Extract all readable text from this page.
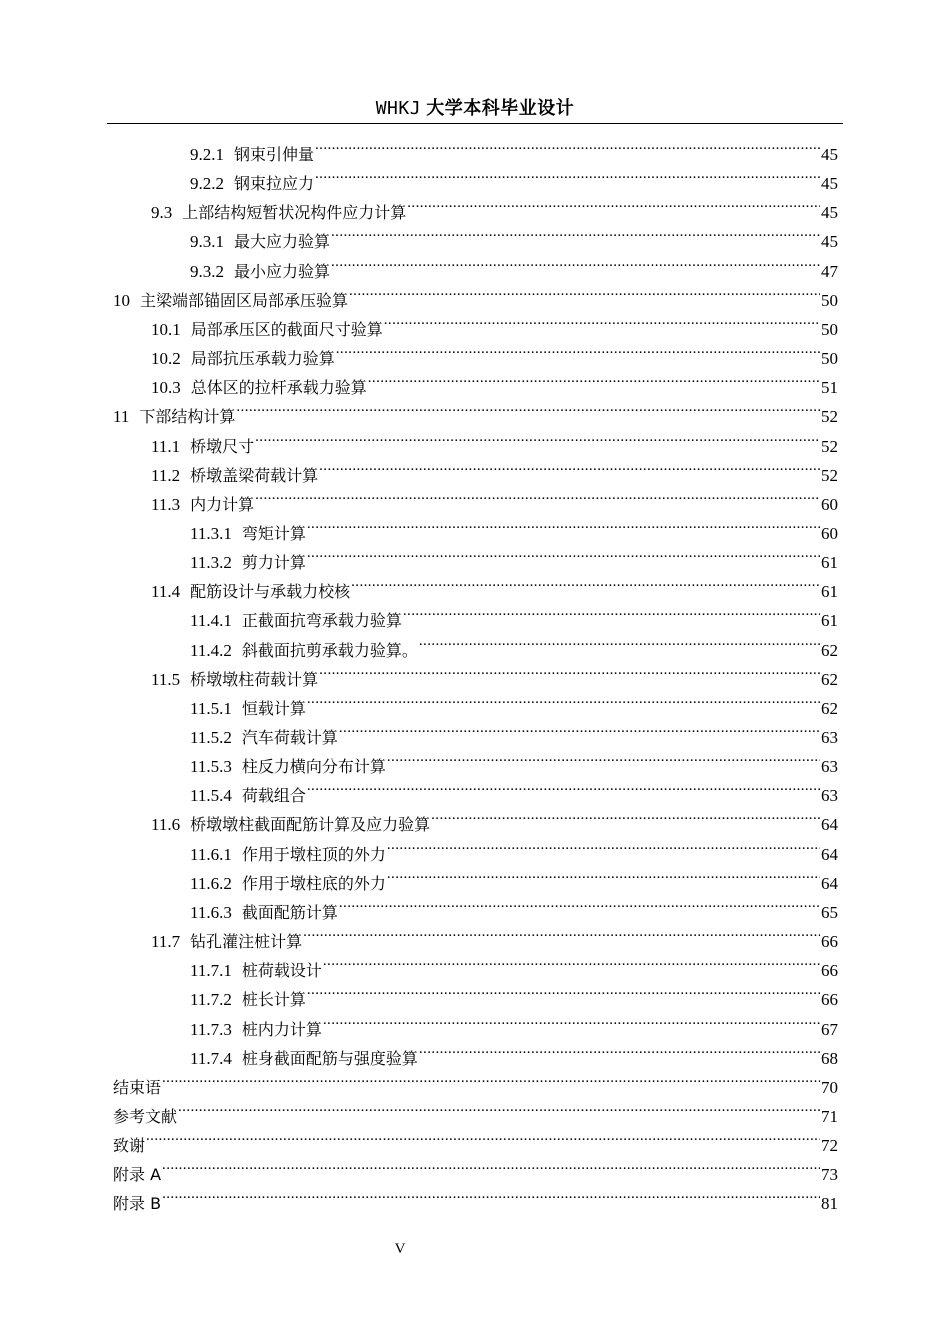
WHKJ 大学本科毕业设计
9.2.1 钢束引伸量 .....	45
9.2.2 钢束拉应力 .....	45
9.3 上部结构短暂状况构件应力计算 .....	45
9.3.1 最大应力验算 .....	45
9.3.2 最小应力验算 .....	47
10 主梁端部锚固区局部承压验算 .....	50
10.1 局部承压区的截面尺寸验算 .....	50
10.2 局部抗压承载力验算 .....	50
10.3 总体区的拉杆承载力验算 .....	51
11 下部结构计算 .....	52
11.1 桥墩尺寸 .....	52
11.2 桥墩盖梁荷载计算 .....	52
11.3 内力计算 .....	60
11.3.1 弯矩计算 .....	60
11.3.2 剪力计算 .....	61
11.4 配筋设计与承载力校核 .....	61
11.4.1 正截面抗弯承载力验算 .....	61
11.4.2 斜截面抗剪承载力验算。 .....	62
11.5 桥墩墩柱荷载计算 .....	62
11.5.1 恒载计算 .....	62
11.5.2 汽车荷载计算 .....	63
11.5.3 柱反力横向分布计算 .....	63
11.5.4 荷载组合 .....	63
11.6 桥墩墩柱截面配筋计算及应力验算 .....	64
11.6.1 作用于墩柱顶的外力 .....	64
11.6.2 作用于墩柱底的外力 .....	64
11.6.3 截面配筋计算 .....	65
11.7 钻孔灌注桩计算 .....	66
11.7.1 桩荷载设计 .....	66
11.7.2 桩长计算 .....	66
11.7.3 桩内力计算 .....	67
11.7.4 桩身截面配筋与强度验算 .....	68
结束语 .....	70
参考文献 .....	71
致谢 .....	72
附录 A .....	73
附录 B .....	81
V
